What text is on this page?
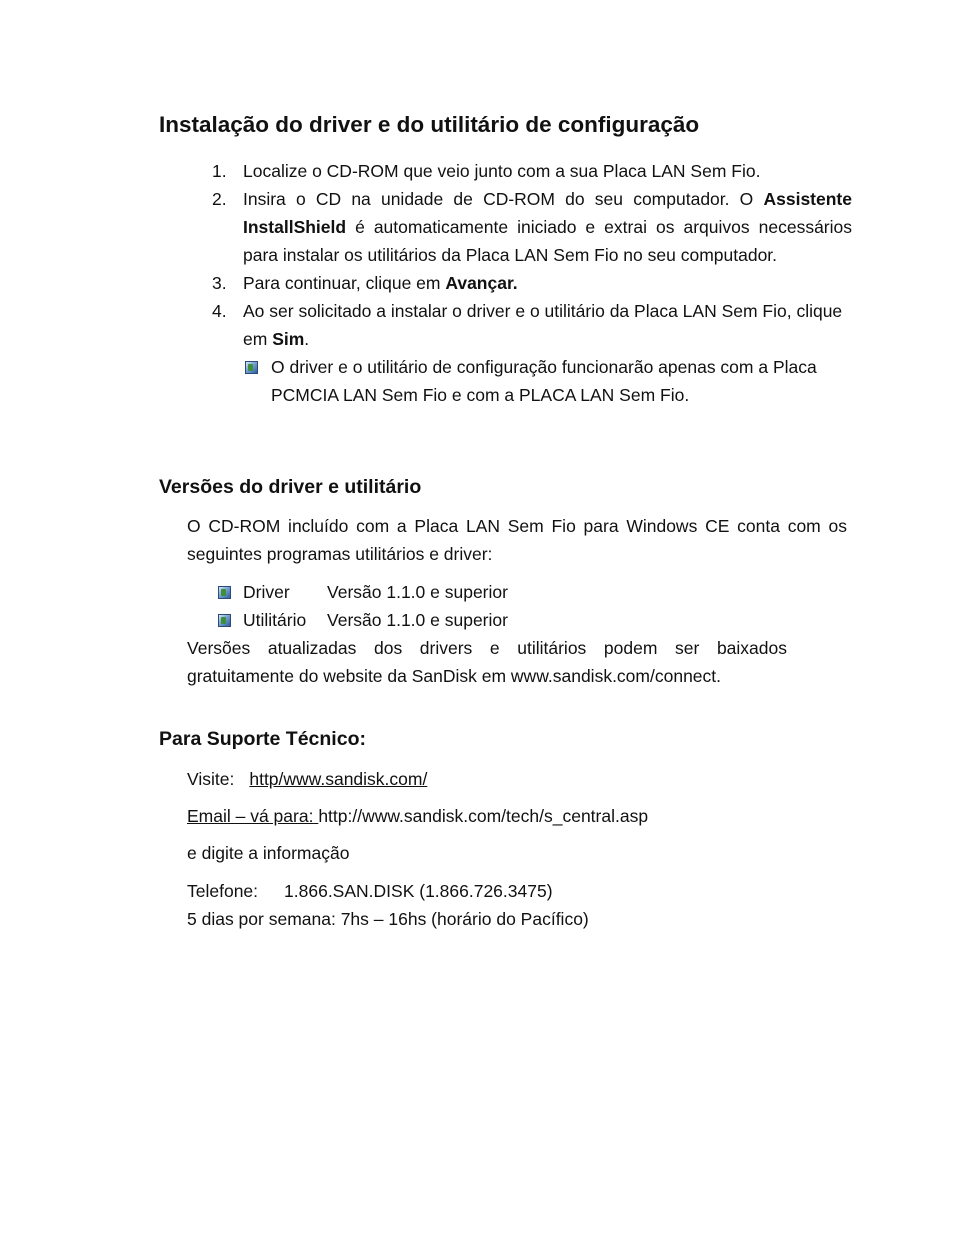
Instalação do driver e do utilitário de configuração
1. Localize o CD-ROM que veio junto com a sua Placa LAN Sem Fio.
2. Insira o CD na unidade de CD-ROM do seu computador. O Assistente InstallShield é automaticamente iniciado e extrai os arquivos necessários para instalar os utilitários da Placa LAN Sem Fio no seu computador.
3. Para continuar, clique em Avançar.
4. Ao ser solicitado a instalar o driver e o utilitário da Placa LAN Sem Fio, clique em Sim.
O driver e o utilitário de configuração funcionarão apenas com a Placa PCMCIA LAN Sem Fio e com a PLACA LAN Sem Fio.
Versões do driver e utilitário
O CD-ROM incluído com a Placa LAN Sem Fio para Windows CE conta com os seguintes programas utilitários e driver:
Driver Versão 1.1.0 e superior
Utilitário Versão 1.1.0 e superior
Versões atualizadas dos drivers e utilitários podem ser baixados gratuitamente do website da SanDisk em www.sandisk.com/connect.
Para Suporte Técnico:
Visite: http/www.sandisk.com/
Email – vá para: http://www.sandisk.com/tech/s_central.asp
e digite a informação
Telefone: 1.866.SAN.DISK (1.866.726.3475)
5 dias por semana: 7hs – 16hs (horário do Pacífico)
